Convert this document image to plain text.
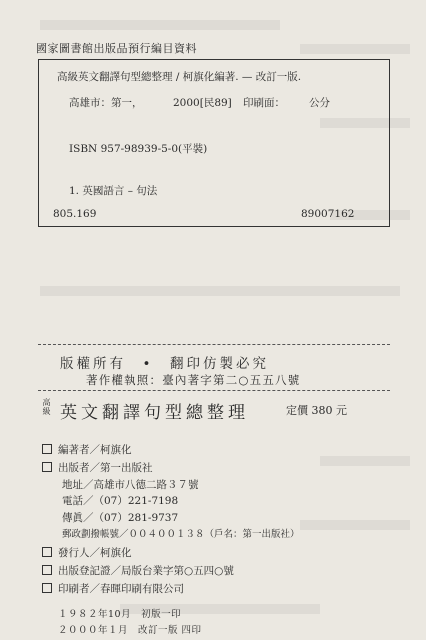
國家圖書館出版品預行編目資料
高級英文翻譯句型總整理 / 柯旗化編著. — 改訂一版.
高雄市：第一，	2000[民89] 印刷面： 公分
ISBN 957-98939-5-0(平裝)
1. 英國語言 – 句法
805.169	89007162
版權所有　•　翻印仿製必究
著作權執照：臺內著字第二○五五八號
高級 英文翻譯句型總整理	定價 380 元
編著者／柯旗化
出版者／第一出版社
地址／高雄市八德二路３７號
電話／（07）221-7198
傳眞／（07）281-9737
郵政劃撥帳號／００４００１３８（戶名：第一出版社）
發行人／柯旗化
出版登記證／局版台業字第○五四○號
印刷者／春暉印刷有限公司
１９８２年10月　初版一印
２０００年１月　改訂一版 四印
